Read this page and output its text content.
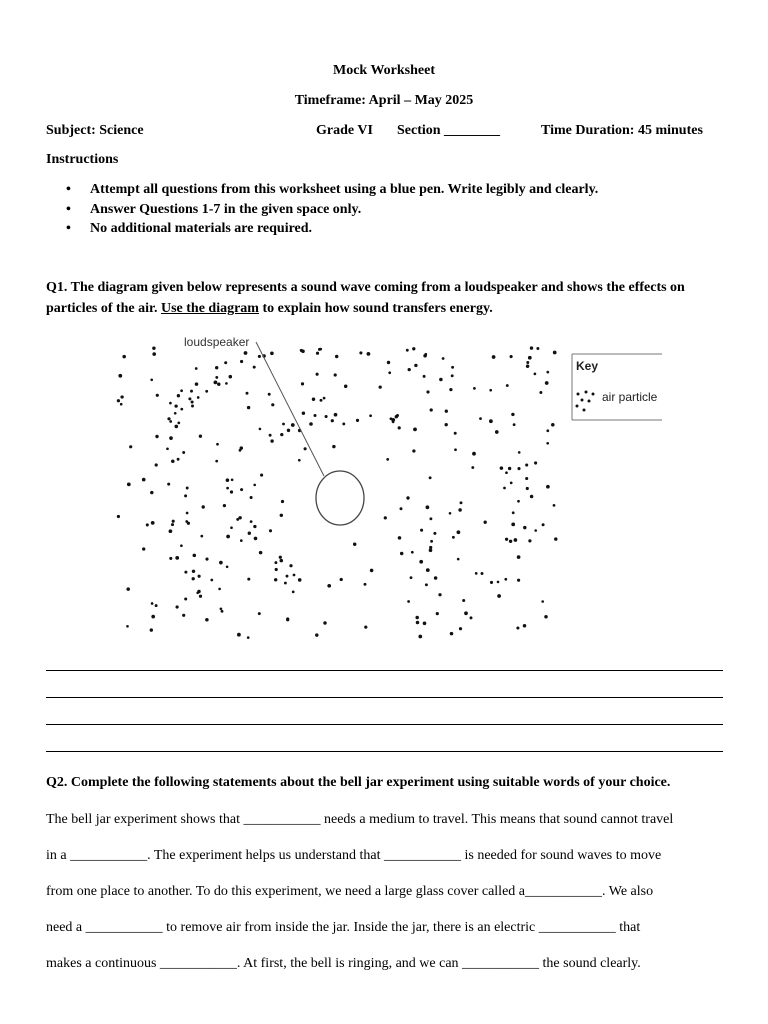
Mock Worksheet
Timeframe: April – May 2025
Subject: Science	Grade VI Section ________	Time Duration: 45 minutes
Instructions
• Attempt all questions from this worksheet using a blue pen. Write legibly and clearly.
• Answer Questions 1-7 in the given space only.
• No additional materials are required.
Q1. The diagram given below represents a sound wave coming from a loudspeaker and shows the effects on particles of the air. Use the diagram to explain how sound transfers energy.
loudspeaker
Key
air particle
Q2. Complete the following statements about the bell jar experiment using suitable words of your choice.
The bell jar experiment shows that ___________ needs a medium to travel. This means that sound cannot travel
in a ___________. The experiment helps us understand that ___________ is needed for sound waves to move
from one place to another. To do this experiment, we need a large glass cover called a___________. We also
need a ___________ to remove air from inside the jar. Inside the jar, there is an electric ___________ that
makes a continuous ___________. At first, the bell is ringing, and we can ___________ the sound clearly.
